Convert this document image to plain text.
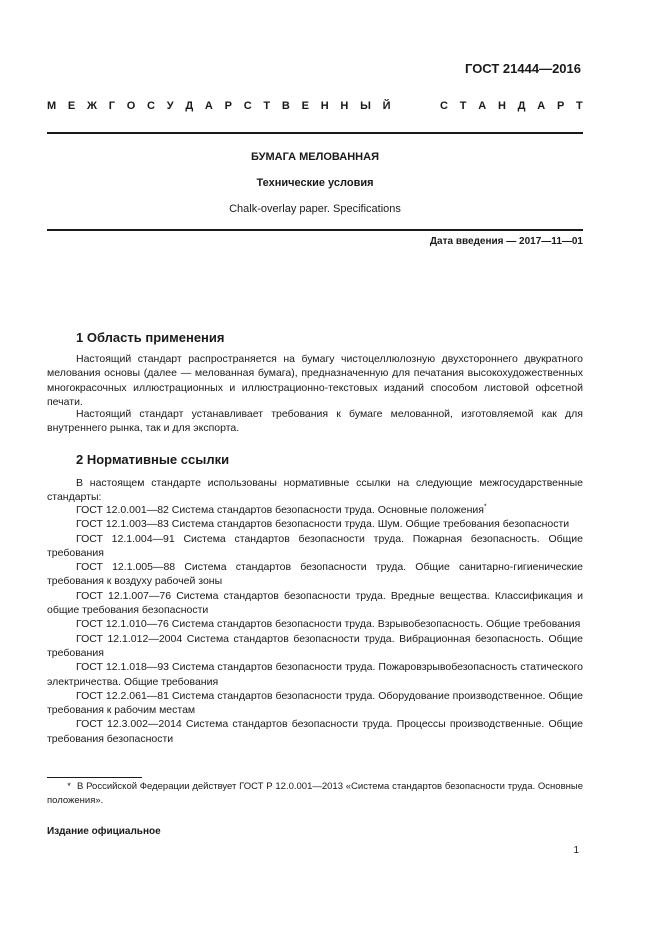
ГОСТ 21444—2016
М Е Ж Г О С У Д А Р С Т В Е Н Н Ы Й	С Т А Н Д А Р Т
БУМАГА МЕЛОВАННАЯ
Технические условия
Chalk-overlay paper. Specifications
Дата введения — 2017—11—01
1 Область применения

Настоящий стандарт распространяется на бумагу чистоцеллюлозную двухстороннего двукратного мелования основы (далее — мелованная бумага), предназначенную для печатания высокохудожественных многокрасочных иллюстрационных и иллюстрационно-текстовых изданий способом листовой офсетной печати.

Настоящий стандарт устанавливает требования к бумаге мелованной, изготовляемой как для внутреннего рынка, так и для экспорта.

2 Нормативные ссылки

В настоящем стандарте использованы нормативные ссылки на следующие межгосударственные стандарты:

ГОСТ 12.0.001—82 Система стандартов безопасности труда. Основные положения*

ГОСТ 12.1.003—83 Система стандартов безопасности труда. Шум. Общие требования безопасности

ГОСТ 12.1.004—91 Система стандартов безопасности труда. Пожарная безопасность. Общие требования

ГОСТ 12.1.005—88 Система стандартов безопасности труда. Общие санитарно-гигиенические требования к воздуху рабочей зоны

ГОСТ 12.1.007—76 Система стандартов безопасности труда. Вредные вещества. Классификация и общие требования безопасности

ГОСТ 12.1.010—76 Система стандартов безопасности труда. Взрывобезопасность. Общие требования

ГОСТ 12.1.012—2004 Система стандартов безопасности труда. Вибрационная безопасность. Общие требования

ГОСТ 12.1.018—93 Система стандартов безопасности труда. Пожаровзрывобезопасность статического электричества. Общие требования

ГОСТ 12.2.061—81 Система стандартов безопасности труда. Оборудование производственное. Общие требования к рабочим местам

ГОСТ 12.3.002—2014 Система стандартов безопасности труда. Процессы производственные. Общие требования безопасности

* В Российской Федерации действует ГОСТ Р 12.0.001—2013 «Система стандартов безопасности труда. Основные положения».
Издание официальное
1
